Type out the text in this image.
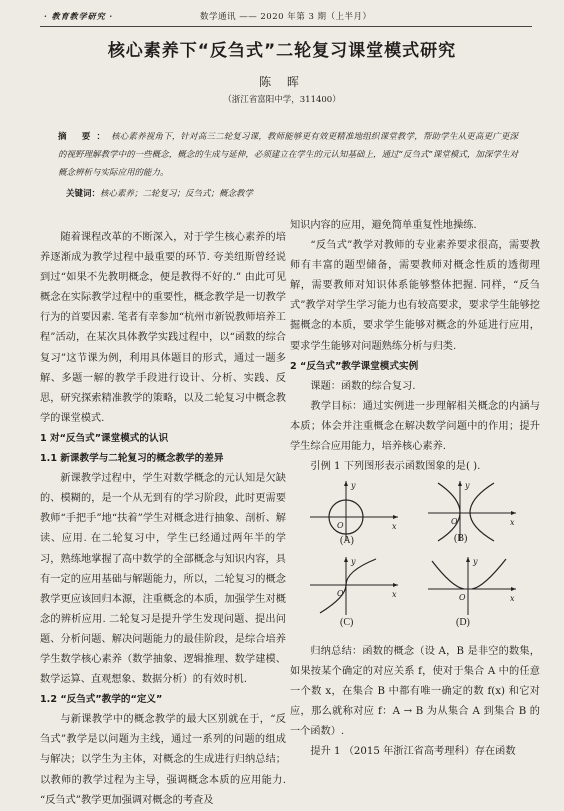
· 教育教学研究 ·	数学通讯 —— 2020 年第 3 期（上半月）
核心素养下“反刍式”二轮复习课堂模式研究
陈 晖
（浙江省富阳中学，311400）
摘 要：核心素养视角下，针对高三二轮复习课，教师能够更有效更精准地组织课堂教学，帮助学生从更高更广更深的视野理解教学中的一些概念，概念的生成与延伸，必须建立在学生的元认知基础上，通过“反刍式”课堂模式，加深学生对概念辨析与实际应用的能力。
关键词：核心素养；二轮复习；反刍式；概念教学

随着课程改革的不断深入，对于学生核心素养的培养逐渐成为教学过程中最重要的环节. 夸美纽斯曾经说到过“如果不先教明概念，便是教得不好的.” 由此可见概念在实际教学过程中的重要性，概念教学是一切教学行为的首要因素. 笔者有幸参加“杭州市新锐教师培养工程”活动，在某次具体教学实践过程中，以“函数的综合复习”这节课为例，利用具体题目的形式，通过一题多解、多题一解的教学手段进行设计、分析、实践、反思，研究探索精准教学的策略，以及二轮复习中概念教学的课堂模式.

1 对“反刍式”课堂模式的认识

1.1 新课教学与二轮复习的概念教学的差异

新课教学过程中，学生对数学概念的元认知是欠缺的、模糊的，是一个从无到有的学习阶段，此时更需要教师“手把手”地“扶着”学生对概念进行抽象、剖析、解读、应用. 在二轮复习中，学生已经通过两年半的学习，熟练地掌握了高中数学的全部概念与知识内容，具有一定的应用基础与解题能力，所以，二轮复习的概念教学更应该回归本源，注重概念的本质，加强学生对概念的辨析应用. 二轮复习是提升学生发现问题、提出问题、分析问题、解决问题能力的最佳阶段，是综合培养学生数学核心素养（数学抽象、逻辑推理、数学建模、数学运算、直观想象、数据分析）的有效时机.

1.2 “反刍式”教学的“定义”

与新课教学中的概念教学的最大区别就在于，“反刍式”教学是以问题为主线，通过一系列的问题的组成与解决；以学生为主体，对概念的生成进行归纳总结；以教师的教学过程为主导，强调概念本质的应用能力. “反刍式”教学更加强调对概念的考查及

知识内容的应用，避免简单重复性地操练.

“反刍式”教学对教师的专业素养要求很高，需要教师有丰富的题型储备，需要教师对概念性质的透彻理解，需要教师对知识体系能够整体把握. 同样，“反刍式”教学对学生学习能力也有较高要求，要求学生能够挖掘概念的本质，要求学生能够对概念的外延进行应用，要求学生能够对问题熟练分析与归类.

2 “反刍式”教学课堂模式实例

课题：函数的综合复习.

教学目标：通过实例进一步理解相关概念的内涵与本质；体会并注重概念在解决数学问题中的作用；提升学生综合应用能力，培养核心素养.

引例 1 下列图形表示函数图象的是( ).

y
x
O
y
x
O
(A)	(B)
y
x
O
y
x
O
(C)	(D)

归纳总结：函数的概念（设 A，B 是非空的数集，如果按某个确定的对应关系 f，使对于集合 A 中的任意一个数 x，在集合 B 中都有唯一确定的数 f(x) 和它对应，那么就称对应 f：A → B 为从集合 A 到集合 B 的一个函数）.

提升 1 （2015 年浙江省高考理科）存在函数
